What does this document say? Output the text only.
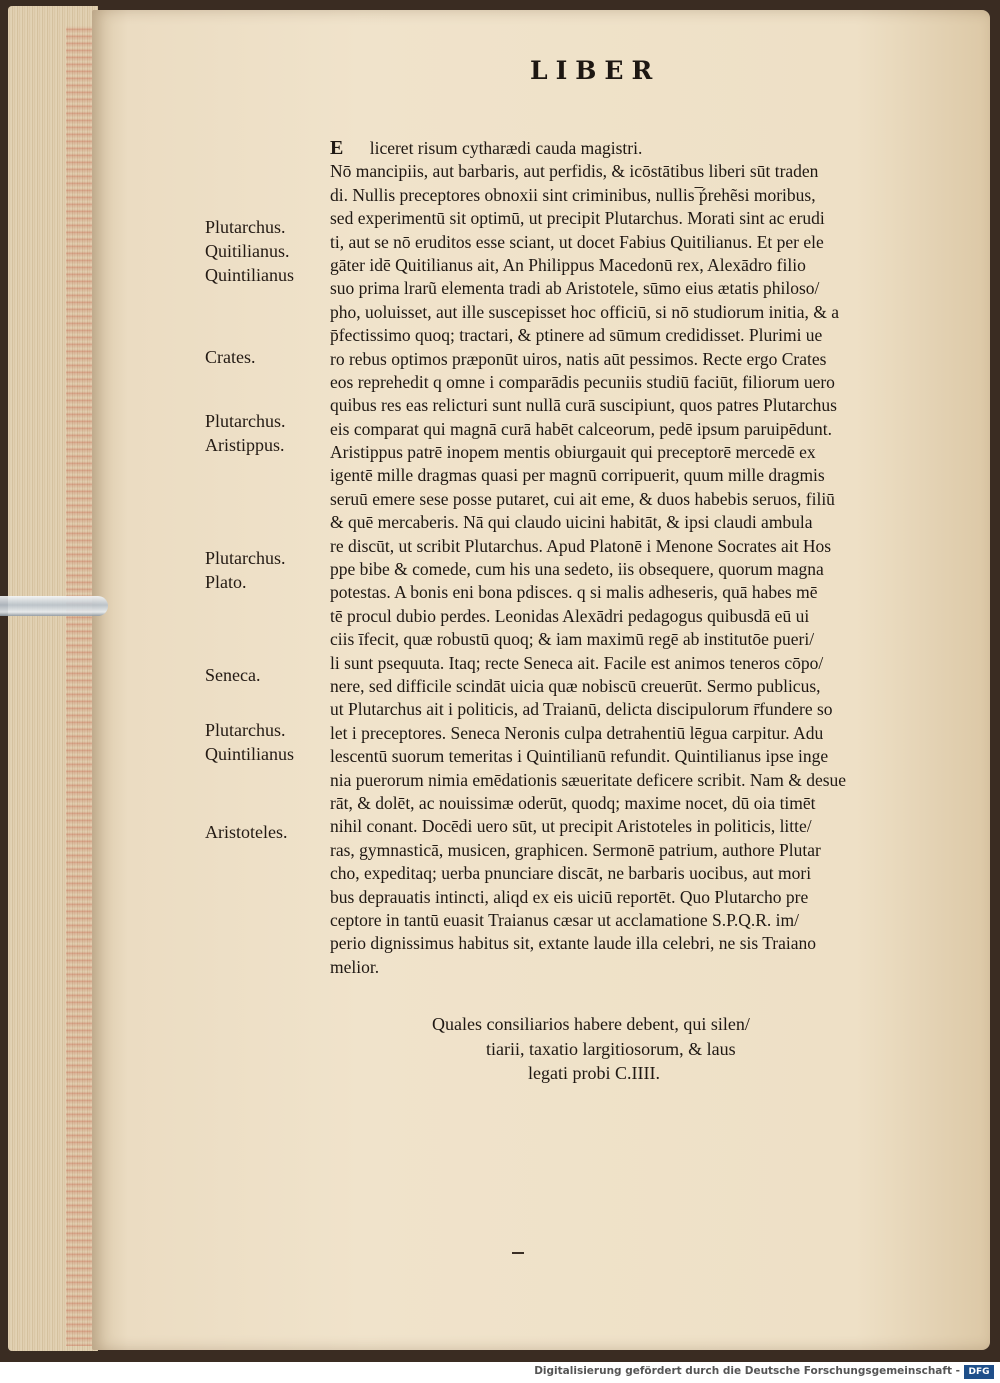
LIBER
E liceret risum cytharædi cauda magistri.
Nō mancipiis, aut barbaris, aut perfidis, & icōstātibus liberi sūt traden
di. Nullis preceptores obnoxii sint criminibus, nullis ̅ṕrehẽsi moribus,
sed experimentū sit optimū, ut precipit Plutarchus. Morati sint ac erudi
ti, aut se nō eruditos esse sciant, ut docet Fabius Quitilianus. Et per ele
gāter idē Quitilianus ait, An Philippus Macedonū rex, Alexādro filio
suo prima lrarũ elementa tradi ab Aristotele, sūmo eius ætatis philoso/
pho, uoluisset, aut ille suscepisset hoc officiū, si nō studiorum initia, & a
p̄fectissimo quoq; tractari, & ptinere ad sūmum credidisset. Plurimi ue
ro rebus optimos præponūt uiros, natis aūt pessimos. Recte ergo Crates
eos reprehedit q omne i comparādis pecuniis studiū faciūt, filiorum uero
quibus res eas relicturi sunt nullā curā suscipiunt, quos patres Plutarchus
eis comparat qui magnā curā habēt calceorum, pedē ipsum paruipēdunt.
Aristippus patrē inopem mentis obiurgauit qui preceptorē mercedē ex
igentē mille dragmas quasi per magnū corripuerit, quum mille dragmis
seruū emere sese posse putaret, cui ait eme, & duos habebis seruos, filiū
& quē mercaberis. Nā qui claudo uicini habitāt, & ipsi claudi ambula
re discūt, ut scribit Plutarchus. Apud Platonē i Menone Socrates ait Hos
ppe bibe & comede, cum his una sedeto, iis obsequere, quorum magna
potestas. A bonis eni bona pdisces. q si malis adheseris, quā habes mē
tē procul dubio perdes. Leonidas Alexādri pedagogus quibusdā eū ui
ciis īfecit, quæ robustū quoq; & iam maximū regē ab institutōe pueri/
li sunt psequuta. Itaq; recte Seneca ait. Facile est animos teneros cōpo/
nere, sed difficile scindāt uicia quæ nobiscū creuerūt. Sermo publicus,
ut Plutarchus ait i politicis, ad Traianū, delicta discipulorum r̄fundere so
let i preceptores. Seneca Neronis culpa detrahentiū lēgua carpitur. Adu
lescentū suorum temeritas i Quintilianū refundit. Quintilianus ipse inge
nia puerorum nimia emēdationis sæueritate deficere scribit. Nam & desue
rāt, & dolēt, ac nouissimæ oderūt, quodq; maxime nocet, dū oia timēt
nihil conant. Docēdi uero sūt, ut precipit Aristoteles in politicis, litte/
ras, gymnasticā, musicen, graphicen. Sermonē patrium, authore Plutar
cho, expeditaq; uerba pnunciare discāt, ne barbaris uocibus, aut mori
bus deprauatis intincti, aliqd ex eis uiciū reportēt. Quo Plutarcho pre
ceptore in tantū euasit Traianus cæsar ut acclamatione S.P.Q.R. im/
perio dignissimus habitus sit, extante laude illa celebri, ne sis Traiano
melior.
Plutarchus.
Quitilianus.
Quintilianus
Crates.
Plutarchus.
Aristippus.
Plutarchus.
Plato.
Seneca.
Plutarchus.
Quintilianus
Aristoteles.
Quales consiliarios habere debent, qui silen/
tiarii, taxatio largitiosorum, & laus
legati probi C.IIII.
Digitalisierung gefördert durch die Deutsche Forschungsgemeinschaft - DFG
